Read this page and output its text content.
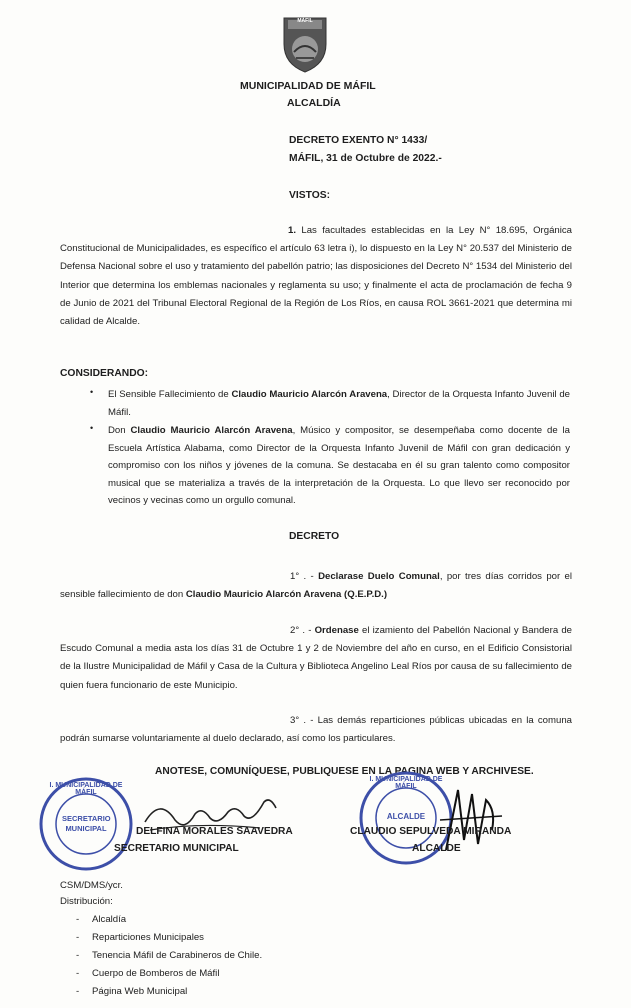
MÁFIL
MUNICIPALIDAD DE MÁFIL
ALCALDÍA
DECRETO EXENTO N° 1433/
MÁFIL, 31 de Octubre de 2022.-
VISTOS:
1. Las facultades establecidas en la Ley N° 18.695, Orgánica Constitucional de Municipalidades, es específico el artículo 63 letra i), lo dispuesto en la Ley N° 20.537 del Ministerio de Defensa Nacional sobre el uso y tratamiento del pabellón patrio; las disposiciones del Decreto N° 1534 del Ministerio del Interior que determina los emblemas nacionales y reglamenta su uso; y finalmente el acta de proclamación de fecha 9 de Junio de 2021 del Tribunal Electoral Regional de la Región de Los Ríos, en causa ROL 3661-2021 que determina mi calidad de Alcalde.
CONSIDERANDO:
• El Sensible Fallecimiento de Claudio Mauricio Alarcón Aravena, Director de la Orquesta Infanto Juvenil de Máfil.
• Don Claudio Mauricio Alarcón Aravena, Músico y compositor, se desempeñaba como docente de la Escuela Artística Alabama, como Director de la Orquesta Infanto Juvenil de Máfil con gran dedicación y compromiso con los niños y jóvenes de la comuna. Se destacaba en él su gran talento como compositor musical que se materializa a través de la interpretación de la Orquesta. Lo que llevo ser reconocido por vecinos y vecinas como un orgullo comunal.
DECRETO
1° . - Declarase Duelo Comunal, por tres días corridos por el sensible fallecimiento de don Claudio Mauricio Alarcón Aravena (Q.E.P.D.)
2° . - Ordenase el izamiento del Pabellón Nacional y Bandera de Escudo Comunal a media asta los días 31 de Octubre 1 y 2 de Noviembre del año en curso, en el Edificio Consistorial de la Ilustre Municipalidad de Máfil y Casa de la Cultura y Biblioteca Angelino Leal Ríos por causa de su fallecimiento de quien fuera funcionario de este Municipio.
3° . - Las demás reparticiones públicas ubicadas en la comuna podrán sumarse voluntariamente al duelo declarado, así como los particulares.
ANOTESE, COMUNÍQUESE, PUBLIQUESE EN LA PAGINA WEB Y ARCHIVESE.
I. MUNICIPALIDAD DE MÁFIL
SECRETARIO MUNICIPAL	DELFINA MORALES SAAVEDRA
SECRETARIO MUNICIPAL
I. MUNICIPALIDAD DE MÁFIL
ALCALDE
CLAUDIO SEPULVEDA MIRANDA
ALCALDE
CSM/DMS/ycr.
Distribución:
- Alcaldía
- Reparticiones Municipales
- Tenencia Máfil de Carabineros de Chile.
- Cuerpo de Bomberos de Máfil
- Página Web Municipal
